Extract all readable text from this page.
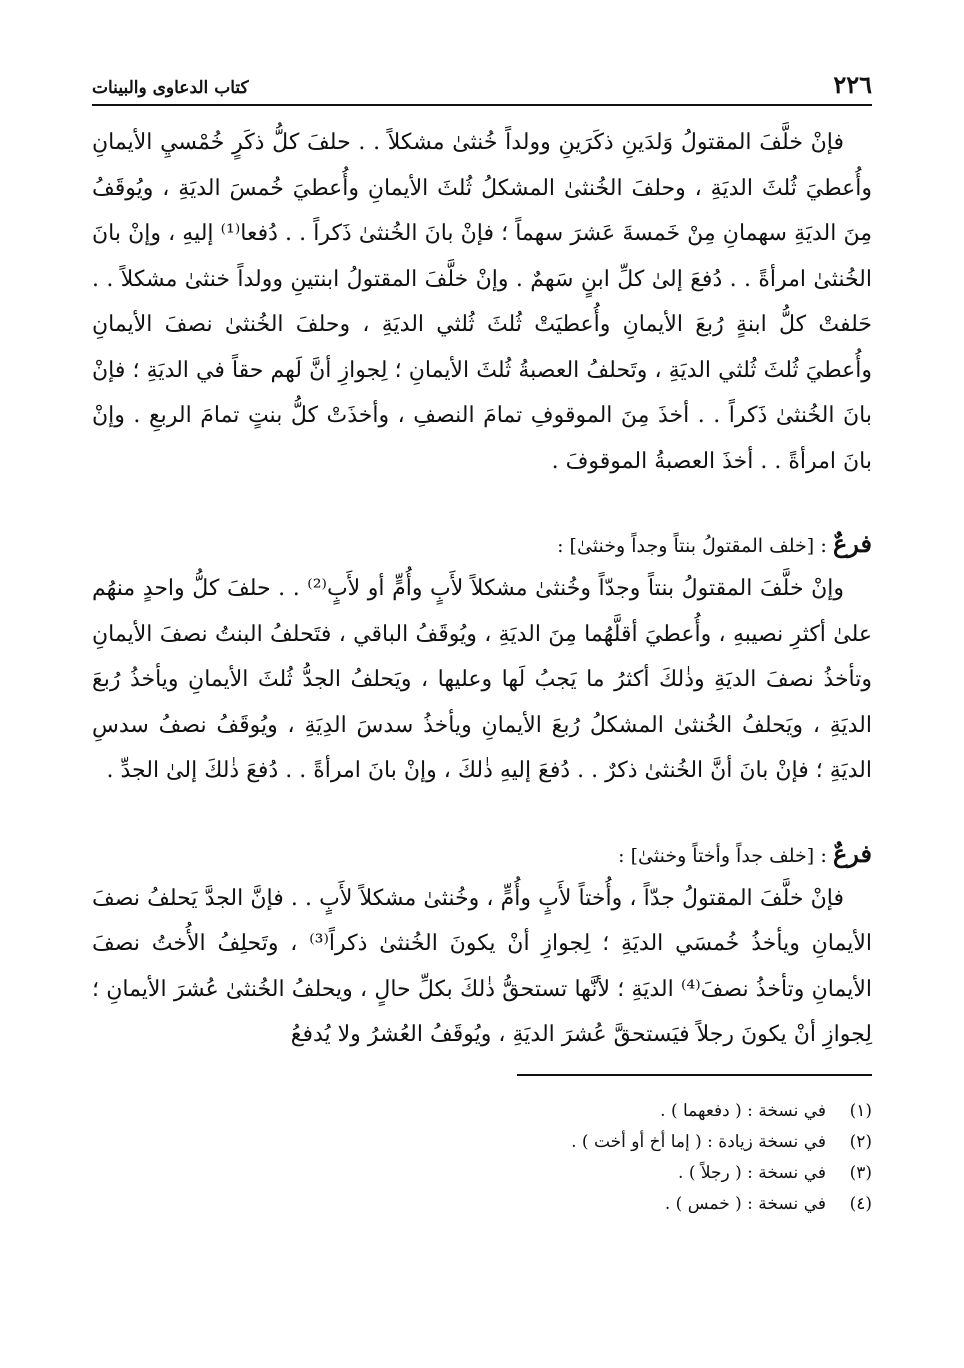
٢٢٦
كتاب الدعاوى والبينات

فإنْ خلَّفَ المقتولُ وَلدَينِ ذكَرَينِ وولداً خُنثىٰ مشكلاً . . حلفَ كلُّ ذكَرٍ خُمْسيِ الأيمانِ وأُعطيَ ثُلثَ الديَةِ ، وحلفَ الخُنثىٰ المشكلُ ثُلثَ الأيمانِ وأُعطيَ خُمسَ الديَةِ ، ويُوقَفُ مِنَ الديَةِ سهمانِ مِنْ خَمسةَ عَشرَ سهماً ؛ فإنْ بانَ الخُنثىٰ ذَكراً . . دُفعا⁽¹⁾ إليهِ ، وإنْ بانَ الخُنثىٰ امرأةً . . دُفعَ إلىٰ كلِّ ابنٍ سَهمٌ . وإنْ خلَّفَ المقتولُ ابنتينِ وولداً خنثىٰ مشكلاً . . حَلفتْ كلُّ ابنةٍ رُبعَ الأيمانِ وأُعطيَتْ ثُلثَ ثُلثي الديَةِ ، وحلفَ الخُنثىٰ نصفَ الأيمانِ وأُعطيَ ثُلثَ ثُلثي الديَةِ ، وتَحلفُ العصبةُ ثُلثَ الأيمانِ ؛ لِجوازِ أنَّ لَهم حقاً في الديَةِ ؛ فإنْ بانَ الخُنثىٰ ذَكراً . . أخذَ مِنَ الموقوفِ تمامَ النصفِ ، وأخذَتْ كلُّ بنتٍ تمامَ الربعِ . وإنْ بانَ امرأةً . . أخذَ العصبةُ الموقوفَ .

فرعٌ:[خلف المقتولُ بنتاً وجداً وخنثىٰ] :

وإنْ خلَّفَ المقتولُ بنتاً وجدّاً وخُنثىٰ مشكلاً لأَبٍ وأُمٍّ أو لأَبٍ⁽²⁾ . . حلفَ كلُّ واحدٍ منهُم علىٰ أكثرِ نصيبهِ ، وأُعطيَ أقلَّهُما مِنَ الديَةِ ، ويُوقَفُ الباقي ، فتَحلفُ البنتُ نصفَ الأيمانِ وتأخذُ نصفَ الديَةِ وذٰلكَ أكثرُ ما يَجبُ لَها وعليها ، ويَحلفُ الجدُّ ثُلثَ الأيمانِ ويأخذُ رُبعَ الديَةِ ، ويَحلفُ الخُنثىٰ المشكلُ رُبعَ الأيمانِ ويأخذُ سدسَ الدِيَةِ ، ويُوقَفُ نصفُ سدسِ الديَةِ ؛ فإنْ بانَ أنَّ الخُنثىٰ ذكرٌ . . دُفعَ إليهِ ذٰلكَ ، وإنْ بانَ امرأةً . . دُفعَ ذٰلكَ إلىٰ الجدِّ .

فرعٌ:[خلف جداً وأختاً وخنثىٰ] :

فإنْ خلَّفَ المقتولُ جدّاً ، وأُختاً لأَبٍ وأُمٍّ ، وخُنثىٰ مشكلاً لأَبٍ . . فإنَّ الجدَّ يَحلفُ نصفَ الأيمانِ ويأخذُ خُمسَي الديَةِ ؛ لِجوازِ أنْ يكونَ الخُنثىٰ ذكراً⁽³⁾ ، وتَحلِفُ الأُختُ نصفَ الأيمانِ وتأخذُ نصفَ⁽⁴⁾ الديَةِ ؛ لأنَّها تستحقُّ ذٰلكَ بكلِّ حالٍ ، ويحلفُ الخُنثىٰ عُشرَ الأيمانِ ؛ لِجوازِ أنْ يكونَ رجلاً فيَستحقَّ عُشرَ الديَةِ ، ويُوقَفُ العُشرُ ولا يُدفعُ

(١)
في نسخة : ( دفعهما ) .
(٢)
في نسخة زيادة : ( إما أخ أو أخت ) .
(٣)
في نسخة : ( رجلاً ) .
(٤)
في نسخة : ( خمس ) .
